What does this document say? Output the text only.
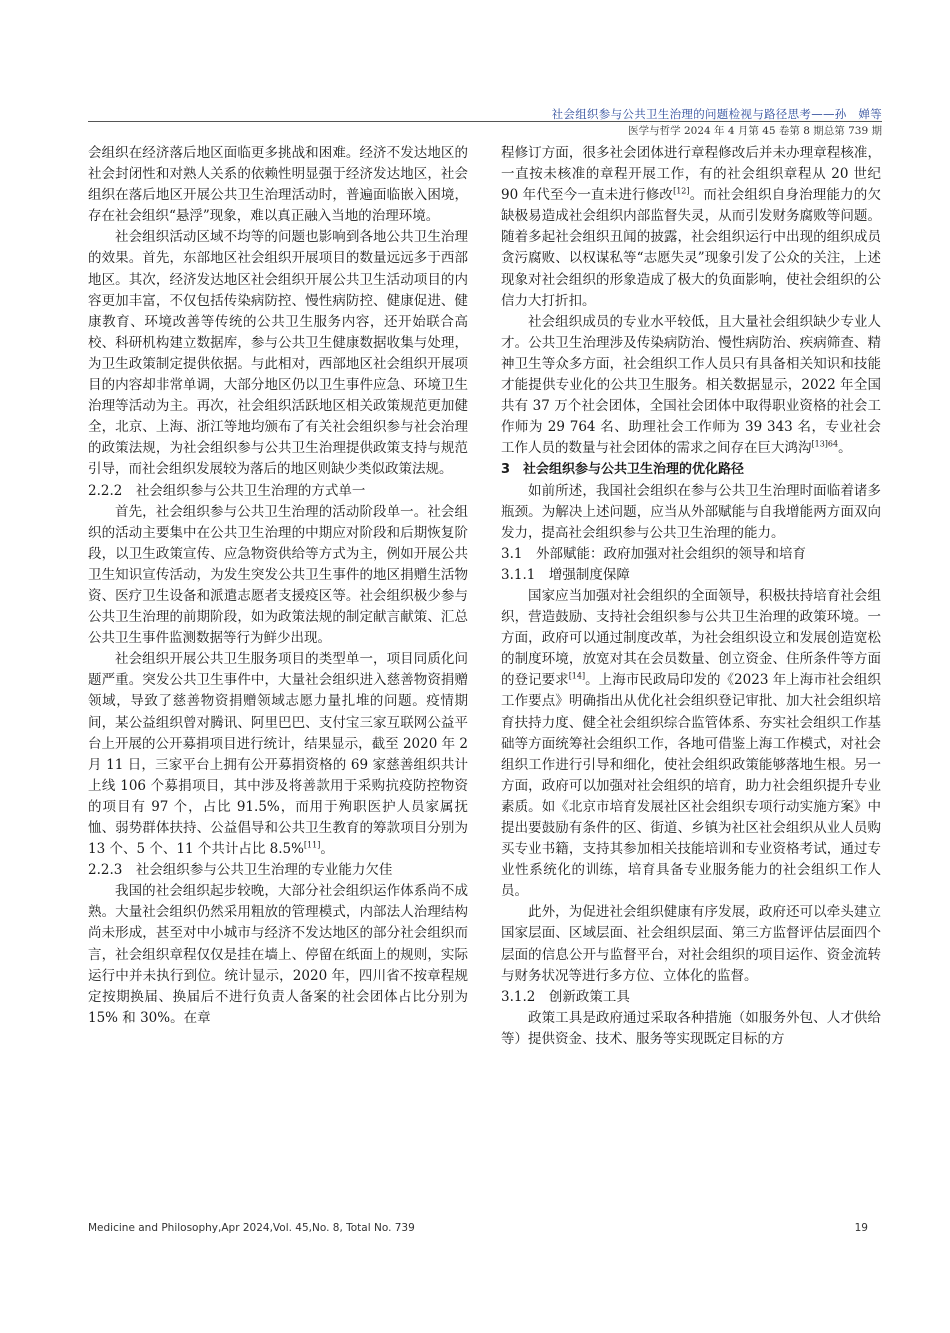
社会组织参与公共卫生治理的问题检视与路径思考——孙　婵等
医学与哲学 2024 年 4 月第 45 卷第 8 期总第 739 期

会组织在经济落后地区面临更多挑战和困难。经济不发达地区的社会封闭性和对熟人关系的依赖性明显强于经济发达地区，社会组织在落后地区开展公共卫生治理活动时，普遍面临嵌入困境，存在社会组织“悬浮”现象，难以真正融入当地的治理环境。

社会组织活动区域不均等的问题也影响到各地公共卫生治理的效果。首先，东部地区社会组织开展项目的数量远远多于西部地区。其次，经济发达地区社会组织开展公共卫生活动项目的内容更加丰富，不仅包括传染病防控、慢性病防控、健康促进、健康教育、环境改善等传统的公共卫生服务内容，还开始联合高校、科研机构建立数据库，参与公共卫生健康数据收集与处理，为卫生政策制定提供依据。与此相对，西部地区社会组织开展项目的内容却非常单调，大部分地区仍以卫生事件应急、环境卫生治理等活动为主。再次，社会组织活跃地区相关政策规范更加健全，北京、上海、浙江等地均颁布了有关社会组织参与社会治理的政策法规，为社会组织参与公共卫生治理提供政策支持与规范引导，而社会组织发展较为落后的地区则缺少类似政策法规。

2.2.2　社会组织参与公共卫生治理的方式单一

首先，社会组织参与公共卫生治理的活动阶段单一。社会组织的活动主要集中在公共卫生治理的中期应对阶段和后期恢复阶段，以卫生政策宣传、应急物资供给等方式为主，例如开展公共卫生知识宣传活动，为发生突发公共卫生事件的地区捐赠生活物资、医疗卫生设备和派遣志愿者支援疫区等。社会组织极少参与公共卫生治理的前期阶段，如为政策法规的制定献言献策、汇总公共卫生事件监测数据等行为鲜少出现。

社会组织开展公共卫生服务项目的类型单一，项目同质化问题严重。突发公共卫生事件中，大量社会组织进入慈善物资捐赠领域，导致了慈善物资捐赠领域志愿力量扎堆的问题。疫情期间，某公益组织曾对腾讯、阿里巴巴、支付宝三家互联网公益平台上开展的公开募捐项目进行统计，结果显示，截至 2020 年 2 月 11 日，三家平台上拥有公开募捐资格的 69 家慈善组织共计上线 106 个募捐项目，其中涉及将善款用于采购抗疫防控物资的项目有 97 个，占比 91.5%，而用于殉职医护人员家属抚恤、弱势群体扶持、公益倡导和公共卫生教育的筹款项目分别为 13 个、5 个、11 个共计占比 8.5%[11]。

2.2.3　社会组织参与公共卫生治理的专业能力欠佳

我国的社会组织起步较晚，大部分社会组织运作体系尚不成熟。大量社会组织仍然采用粗放的管理模式，内部法人治理结构尚未形成，甚至对中小城市与经济不发达地区的部分社会组织而言，社会组织章程仅仅是挂在墙上、停留在纸面上的规则，实际运行中并未执行到位。统计显示，2020 年，四川省不按章程规定按期换届、换届后不进行负责人备案的社会团体占比分别为 15% 和 30%。在章

程修订方面，很多社会团体进行章程修改后并未办理章程核准，一直按未核准的章程开展工作，有的社会组织章程从 20 世纪 90 年代至今一直未进行修改[12]。而社会组织自身治理能力的欠缺极易造成社会组织内部监督失灵，从而引发财务腐败等问题。随着多起社会组织丑闻的披露，社会组织运行中出现的组织成员贪污腐败、以权谋私等“志愿失灵”现象引发了公众的关注，上述现象对社会组织的形象造成了极大的负面影响，使社会组织的公信力大打折扣。

社会组织成员的专业水平较低，且大量社会组织缺少专业人才。公共卫生治理涉及传染病防治、慢性病防治、疾病筛查、精神卫生等众多方面，社会组织工作人员只有具备相关知识和技能才能提供专业化的公共卫生服务。相关数据显示，2022 年全国共有 37 万个社会团体，全国社会团体中取得职业资格的社会工作师为 29 764 名、助理社会工作师为 39 343 名，专业社会工作人员的数量与社会团体的需求之间存在巨大鸿沟$^{[13]64}$。

3　社会组织参与公共卫生治理的优化路径

如前所述，我国社会组织在参与公共卫生治理时面临着诸多瓶颈。为解决上述问题，应当从外部赋能与自我增能两方面双向发力，提高社会组织参与公共卫生治理的能力。

3.1　外部赋能：政府加强对社会组织的领导和培育

3.1.1　增强制度保障

国家应当加强对社会组织的全面领导，积极扶持培育社会组织，营造鼓励、支持社会组织参与公共卫生治理的政策环境。一方面，政府可以通过制度改革，为社会组织设立和发展创造宽松的制度环境，放宽对其在会员数量、创立资金、住所条件等方面的登记要求[14]。上海市民政局印发的《2023 年上海市社会组织工作要点》明确指出从优化社会组织登记审批、加大社会组织培育扶持力度、健全社会组织综合监管体系、夯实社会组织工作基础等方面统筹社会组织工作，各地可借鉴上海工作模式，对社会组织工作进行引导和细化，使社会组织政策能够落地生根。另一方面，政府可以加强对社会组织的培育，助力社会组织提升专业素质。如《北京市培育发展社区社会组织专项行动实施方案》中提出要鼓励有条件的区、街道、乡镇为社区社会组织从业人员购买专业书籍，支持其参加相关技能培训和专业资格考试，通过专业性系统化的训练，培育具备专业服务能力的社会组织工作人员。

此外，为促进社会组织健康有序发展，政府还可以牵头建立国家层面、区域层面、社会组织层面、第三方监督评估层面四个层面的信息公开与监督平台，对社会组织的项目运作、资金流转与财务状况等进行多方位、立体化的监督。

3.1.2　创新政策工具

政策工具是政府通过采取各种措施（如服务外包、人才供给等）提供资金、技术、服务等实现既定目标的方

Medicine and Philosophy,Apr 2024,Vol. 45,No. 8, Total No. 739	19
